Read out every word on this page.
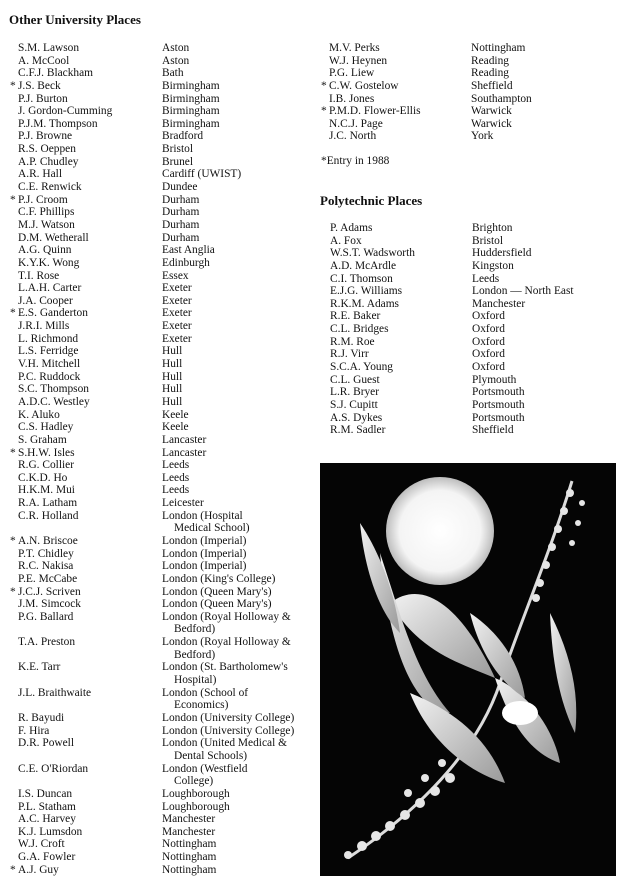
Other University Places
S.M. Lawson	Aston
A. McCool	Aston
C.F.J. Blackham	Bath
* J.S. Beck	Birmingham
P.J. Burton	Birmingham
J. Gordon-Cumming	Birmingham
P.J.M. Thompson	Birmingham
P.J. Browne	Bradford
R.S. Oeppen	Bristol
A.P. Chudley	Brunel
A.R. Hall	Cardiff (UWIST)
C.E. Renwick	Dundee
* P.J. Croom	Durham
C.F. Phillips	Durham
M.J. Watson	Durham
D.M. Wetherall	Durham
A.G. Quinn	East Anglia
K.Y.K. Wong	Edinburgh
T.I. Rose	Essex
L.A.H. Carter	Exeter
J.A. Cooper	Exeter
* E.S. Ganderton	Exeter
J.R.I. Mills	Exeter
L. Richmond	Exeter
L.S. Ferridge	Hull
V.H. Mitchell	Hull
P.C. Ruddock	Hull
S.C. Thompson	Hull
A.D.C. Westley	Hull
K. Aluko	Keele
C.S. Hadley	Keele
S. Graham	Lancaster
* S.H.W. Isles	Lancaster
R.G. Collier	Leeds
C.K.D. Ho	Leeds
H.K.M. Mui	Leeds
R.A. Latham	Leicester
C.R. Holland	London (Hospital
Medical School)
* A.N. Briscoe	London (Imperial)
P.T. Chidley	London (Imperial)
R.C. Nakisa	London (Imperial)
P.E. McCabe	London (King's College)
* J.C.J. Scriven	London (Queen Mary's)
J.M. Simcock	London (Queen Mary's)
P.G. Ballard	London (Royal Holloway &
Bedford)
T.A. Preston	London (Royal Holloway &
Bedford)
K.E. Tarr	London (St. Bartholomew's
Hospital)
J.L. Braithwaite	London (School of
Economics)
R. Bayudi	London (University College)
F. Hira	London (University College)
D.R. Powell	London (United Medical &
Dental Schools)
C.E. O'Riordan	London (Westfield
College)
I.S. Duncan	Loughborough
P.L. Statham	Loughborough
A.C. Harvey	Manchester
K.J. Lumsdon	Manchester
W.J. Croft	Nottingham
G.A. Fowler	Nottingham
* A.J. Guy	Nottingham
M.V. Perks	Nottingham
W.J. Heynen	Reading
P.G. Liew	Reading
* C.W. Gostelow	Sheffield
I.B. Jones	Southampton
* P.M.D. Flower-Ellis	Warwick
N.C.J. Page	Warwick
J.C. North	York
*Entry in 1988
Polytechnic Places
P. Adams	Brighton
A. Fox	Bristol
W.S.T. Wadsworth	Huddersfield
A.D. McArdle	Kingston
C.I. Thomson	Leeds
E.J.G. Williams	London — North East
R.K.M. Adams	Manchester
R.E. Baker	Oxford
C.L. Bridges	Oxford
R.M. Roe	Oxford
R.J. Virr	Oxford
S.C.A. Young	Oxford
C.L. Guest	Plymouth
L.R. Bryer	Portsmouth
S.J. Cupitt	Portsmouth
A.S. Dykes	Portsmouth
R.M. Sadler	Sheffield
